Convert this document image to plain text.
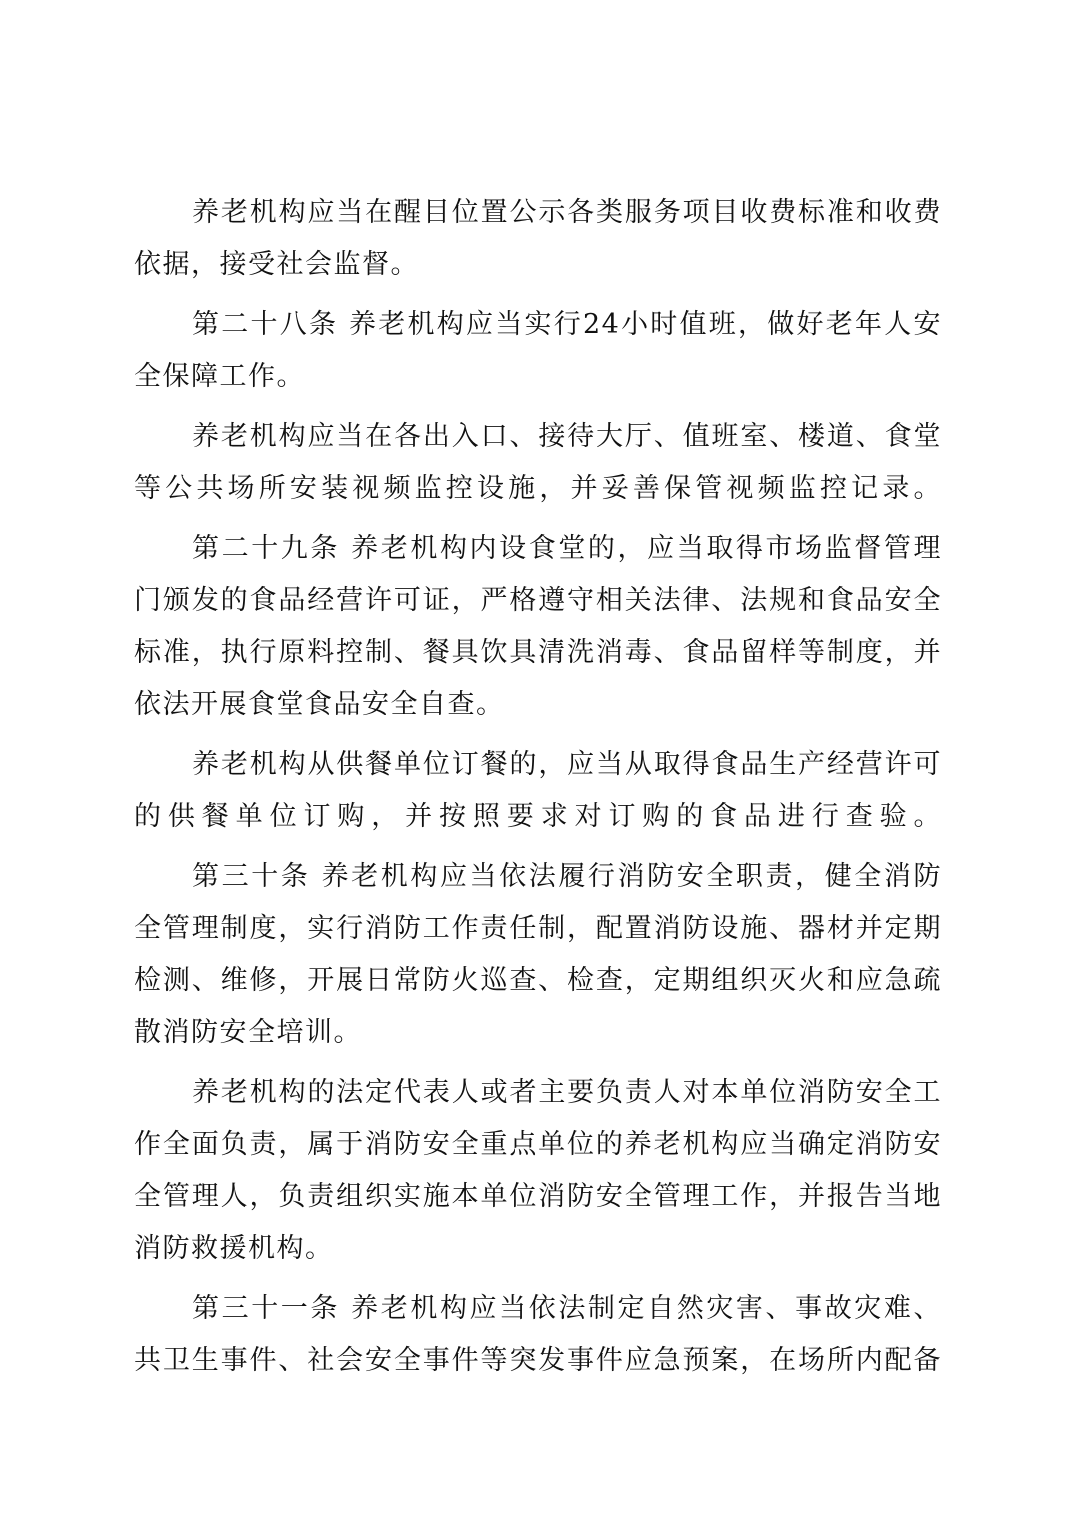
养老机构应当在醒目位置公示各类服务项目收费标准和收费
依据，接受社会监督。
第二十八条 养老机构应当实行24小时值班，做好老年人安
全保障工作。
养老机构应当在各出入口、接待大厅、值班室、楼道、食堂
等公共场所安装视频监控设施，并妥善保管视频监控记录。
第二十九条 养老机构内设食堂的，应当取得市场监督管理
门颁发的食品经营许可证，严格遵守相关法律、法规和食品安全
标准，执行原料控制、餐具饮具清洗消毒、食品留样等制度，并
依法开展食堂食品安全自查。
养老机构从供餐单位订餐的，应当从取得食品生产经营许可
的供餐单位订购，并按照要求对订购的食品进行查验。
第三十条 养老机构应当依法履行消防安全职责，健全消防
全管理制度，实行消防工作责任制，配置消防设施、器材并定期
检测、维修，开展日常防火巡查、检查，定期组织灭火和应急疏
散消防安全培训。
养老机构的法定代表人或者主要负责人对本单位消防安全工
作全面负责，属于消防安全重点单位的养老机构应当确定消防安
全管理人，负责组织实施本单位消防安全管理工作，并报告当地
消防救援机构。
第三十一条 养老机构应当依法制定自然灾害、事故灾难、
共卫生事件、社会安全事件等突发事件应急预案，在场所内配备
